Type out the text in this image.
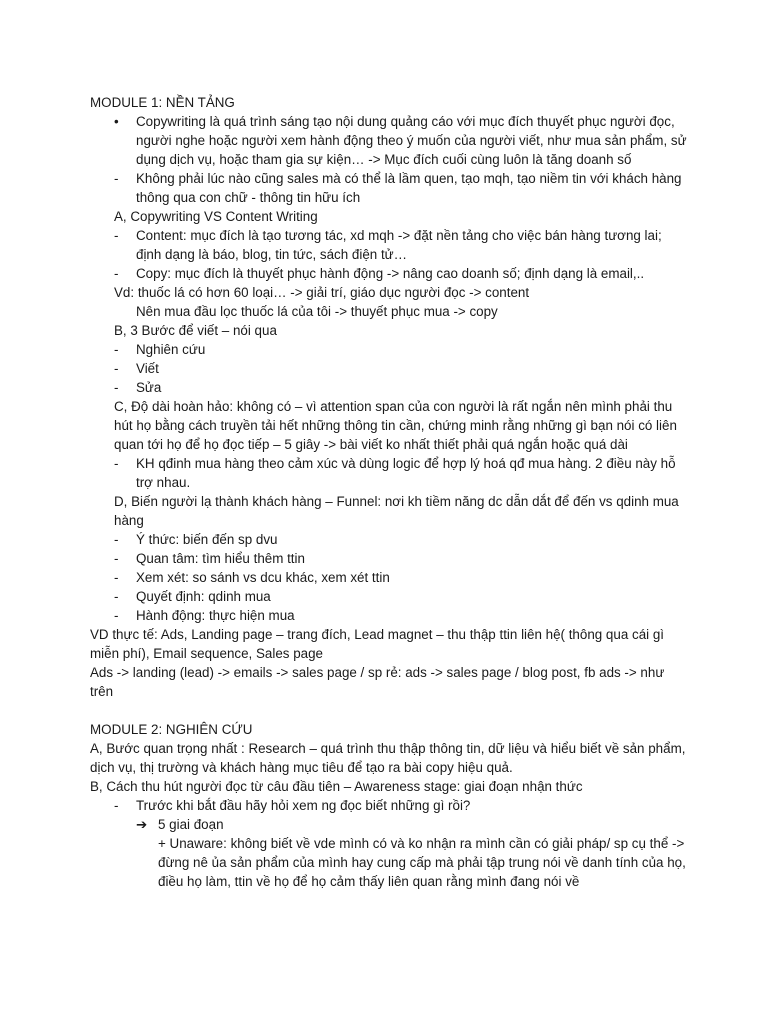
MODULE 1: NỀN TẢNG
• Copywriting là quá trình sáng tạo nội dung quảng cáo với mục đích thuyết phục người đọc, người nghe hoặc người xem hành động theo ý muốn của người viết, như mua sản phẩm, sử dụng dịch vụ, hoặc tham gia sự kiện… -> Mục đích cuối cùng luôn là tăng doanh số
- Không phải lúc nào cũng sales mà có thể là lầm quen, tạo mqh, tạo niềm tin với khách hàng thông qua con chữ - thông tin hữu ích
A, Copywriting VS Content Writing
- Content: mục đích là tạo tương tác, xd mqh -> đặt nền tảng cho việc bán hàng tương lai; định dạng là báo, blog, tin tức, sách điện tử…
- Copy: mục đích là thuyết phục hành động -> nâng cao doanh số; định dạng là email,..
Vd: thuốc lá có hơn 60 loại… -> giải trí, giáo dục người đọc -> content
Nên mua đầu lọc thuốc lá của tôi -> thuyết phục mua -> copy
B, 3 Bước để viết – nói qua
- Nghiên cứu
- Viết
- Sửa
C, Độ dài hoàn hảo: không có – vì attention span của con người là rất ngắn nên mình phải thu hút họ bằng cách truyền tải hết những thông tin cần, chứng minh rằng những gì bạn nói có liên quan tới họ để họ đọc tiếp – 5 giây -> bài viết ko nhất thiết phải quá ngắn hoặc quá dài
- KH qđinh mua hàng theo cảm xúc và dùng logic để hợp lý hoá qđ mua hàng. 2 điều này hỗ trợ nhau.
D, Biến người lạ thành khách hàng – Funnel: nơi kh tiềm năng dc dẫn dắt để đến vs qdinh mua hàng
- Ý thức: biến đến sp dvu
- Quan tâm: tìm hiểu thêm ttin
- Xem xét: so sánh vs dcu khác, xem xét ttin
- Quyết định: qdinh mua
- Hành động: thực hiện mua
VD thực tế: Ads, Landing page – trang đích, Lead magnet – thu thập ttin liên hệ( thông qua cái gì miễn phí), Email sequence, Sales page
Ads -> landing (lead) -> emails -> sales page / sp rẻ: ads -> sales page / blog post, fb ads -> như trên
MODULE 2: NGHIÊN CỨU
A, Bước quan trọng nhất : Research – quá trình thu thập thông tin, dữ liệu và hiểu biết về sản phẩm, dịch vụ, thị trường và khách hàng mục tiêu để tạo ra bài copy hiệu quả.
B, Cách thu hút người đọc từ câu đầu tiên – Awareness stage: giai đoạn nhận thức
- Trước khi bắt đầu hãy hỏi xem ng đọc biết những gì rồi?
➔ 5 giai đoạn
+ Unaware: không biết về vde mình có và ko nhận ra mình cần có giải pháp/ sp cụ thể -> đừng nê ủa sản phẩm của mình hay cung cấp mà phải tập trung nói về danh tính của họ, điều họ làm, ttin về họ để họ cảm thấy liên quan rằng mình đang nói về
